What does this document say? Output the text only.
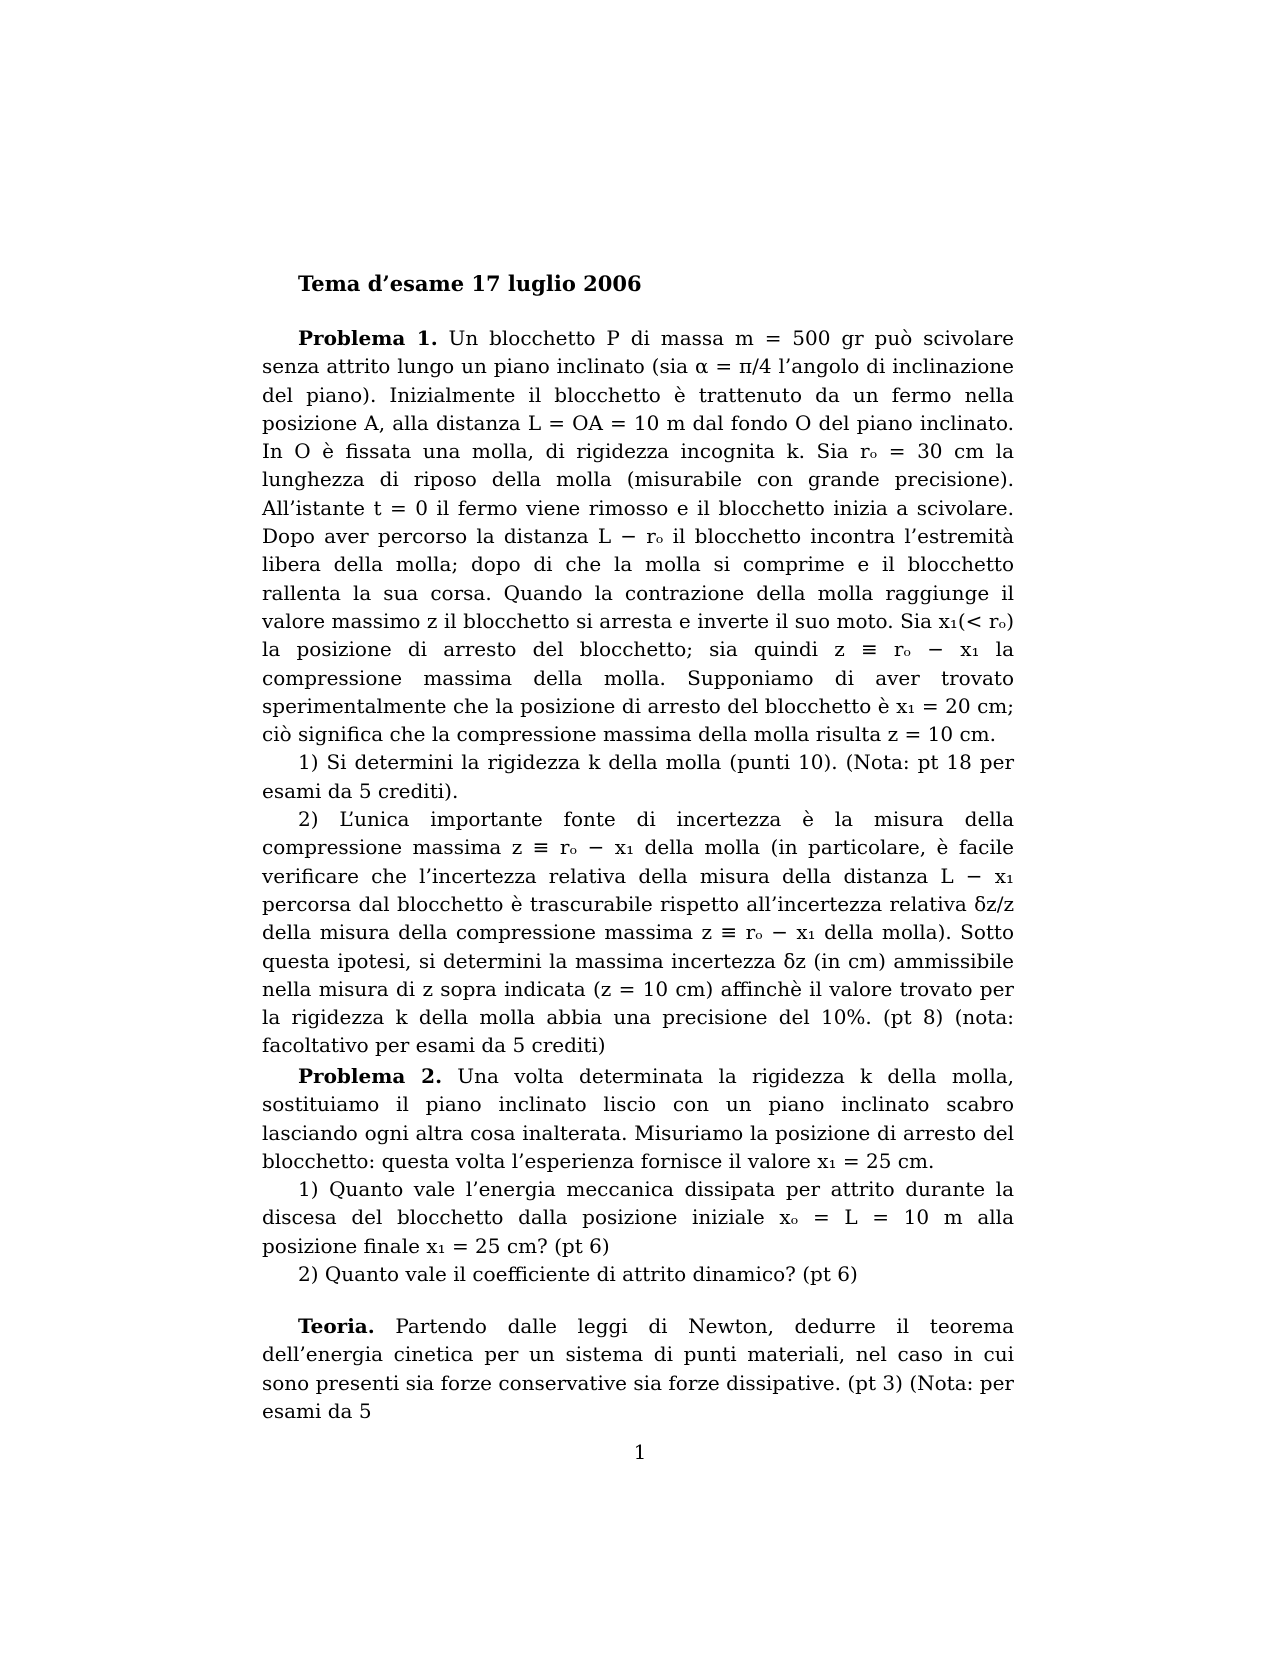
Tema d’esame 17 luglio 2006

Problema 1. Un blocchetto P di massa m = 500 gr può scivolare senza attrito lungo un piano inclinato (sia α = π/4 l’angolo di inclinazione del piano). Inizialmente il blocchetto è trattenuto da un fermo nella posizione A, alla distanza L = OA = 10 m dal fondo O del piano inclinato. In O è fissata una molla, di rigidezza incognita k. Sia rₒ = 30 cm la lunghezza di riposo della molla (misurabile con grande precisione). All’istante t = 0 il fermo viene rimosso e il blocchetto inizia a scivolare. Dopo aver percorso la distanza L − rₒ il blocchetto incontra l’estremità libera della molla; dopo di che la molla si comprime e il blocchetto rallenta la sua corsa. Quando la contrazione della molla raggiunge il valore massimo z il blocchetto si arresta e inverte il suo moto. Sia x₁(< rₒ) la posizione di arresto del blocchetto; sia quindi z ≡ rₒ − x₁ la compressione massima della molla. Supponiamo di aver trovato sperimentalmente che la posizione di arresto del blocchetto è x₁ = 20 cm; ciò significa che la compressione massima della molla risulta z = 10 cm.

1) Si determini la rigidezza k della molla (punti 10). (Nota: pt 18 per esami da 5 crediti).

2) L’unica importante fonte di incertezza è la misura della compressione massima z ≡ rₒ − x₁ della molla (in particolare, è facile verificare che l’incertezza relativa della misura della distanza L − x₁ percorsa dal blocchetto è trascurabile rispetto all’incertezza relativa δz/z della misura della compressione massima z ≡ rₒ − x₁ della molla). Sotto questa ipotesi, si determini la massima incertezza δz (in cm) ammissibile nella misura di z sopra indicata (z = 10 cm) affinchè il valore trovato per la rigidezza k della molla abbia una precisione del 10%. (pt 8) (nota: facoltativo per esami da 5 crediti)

Problema 2. Una volta determinata la rigidezza k della molla, sostituiamo il piano inclinato liscio con un piano inclinato scabro lasciando ogni altra cosa inalterata. Misuriamo la posizione di arresto del blocchetto: questa volta l’esperienza fornisce il valore x₁ = 25 cm.

1) Quanto vale l’energia meccanica dissipata per attrito durante la discesa del blocchetto dalla posizione iniziale xₒ = L = 10 m alla posizione finale x₁ = 25 cm? (pt 6)

2) Quanto vale il coefficiente di attrito dinamico? (pt 6)

Teoria. Partendo dalle leggi di Newton, dedurre il teorema dell’energia cinetica per un sistema di punti materiali, nel caso in cui sono presenti sia forze conservative sia forze dissipative. (pt 3) (Nota: per esami da 5

1
